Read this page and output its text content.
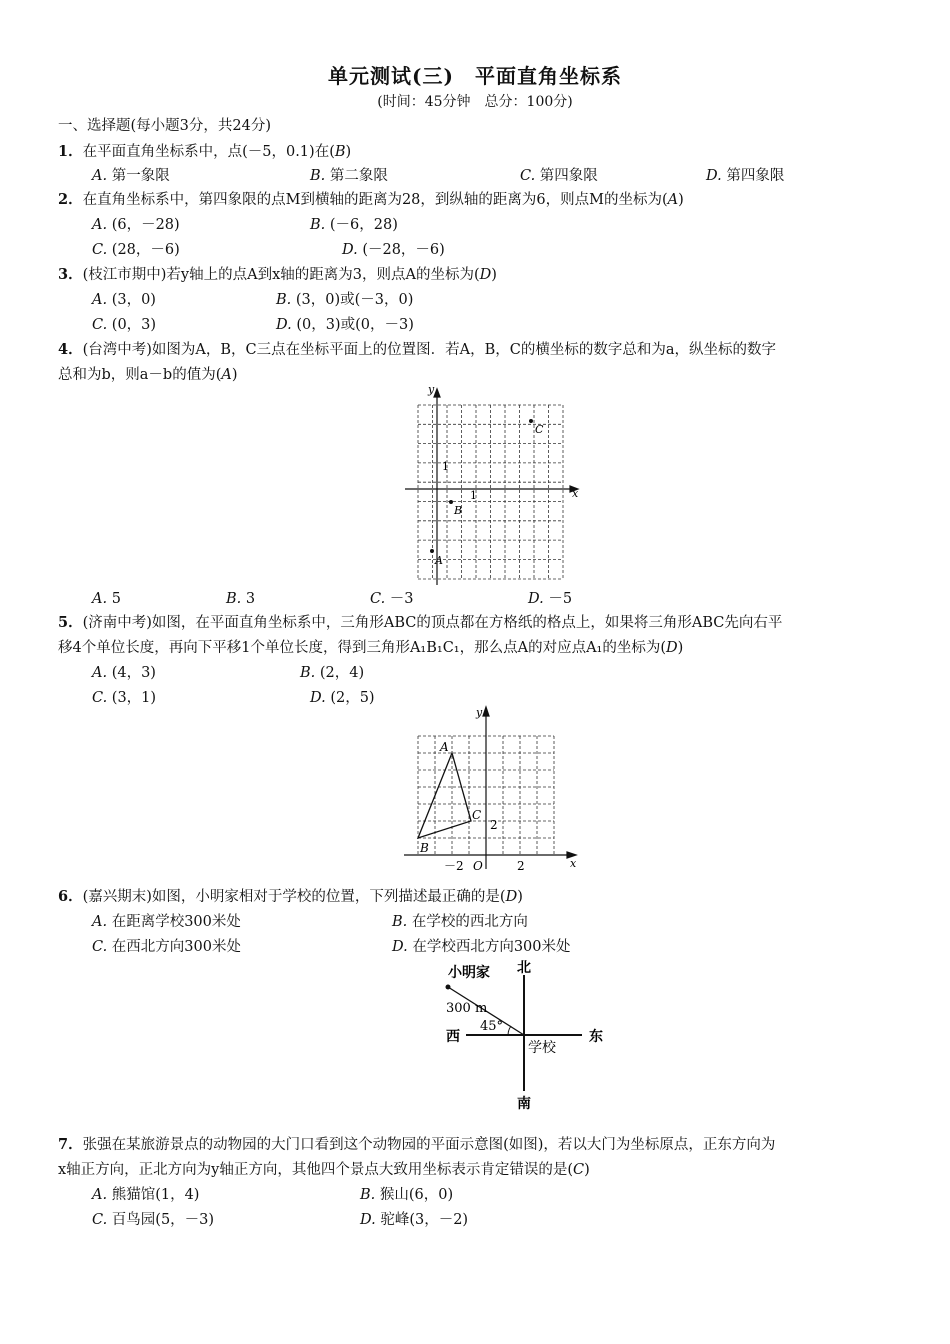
单元测试(三)　平面直角坐标系
(时间：45分钟　总分：100分)
一、选择题(每小题3分，共24分)
1．在平面直角坐标系中，点(－5，0.1)在(B)
A. 第一象限	B. 第二象限	C. 第四象限	D. 第四象限
2．在直角坐标系中，第四象限的点M到横轴的距离为28，到纵轴的距离为6，则点M的坐标为(A)
A. (6，－28)	B. (－6，28)
C. (28，－6)	D. (－28，－6)
3．(枝江市期中)若y轴上的点A到x轴的距离为3，则点A的坐标为(D)
A. (3，0)	B. (3，0)或(－3，0)
C. (0，3)	D. (0，3)或(0，－3)
4．(台湾中考)如图为A，B，C三点在坐标平面上的位置图．若A，B，C的横坐标的数字总和为a，纵坐标的数字
总和为b，则a－b的值为(A)
x
y
1
1
C
B
A
A. 5	B. 3	C. －3	D. －5
5．(济南中考)如图，在平面直角坐标系中，三角形ABC的顶点都在方格纸的格点上，如果将三角形ABC先向右平
移4个单位长度，再向下平移1个单位长度，得到三角形A₁B₁C₁，那么点A的对应点A₁的坐标为(D)
A. (4，3)	B. (2，4)
C. (3，1)	D. (2，5)
x
y
A
B
C
2
－2 O	2
6．(嘉兴期末)如图，小明家相对于学校的位置，下列描述最正确的是(D)
A. 在距离学校300米处	B. 在学校的西北方向
C. 在西北方向300米处	D. 在学校西北方向300米处
北
南
东
西
小明家
300 m
45°
学校
7．张强在某旅游景点的动物园的大门口看到这个动物园的平面示意图(如图)，若以大门为坐标原点，正东方向为
x轴正方向，正北方向为y轴正方向，其他四个景点大致用坐标表示肯定错误的是(C)
A. 熊猫馆(1，4)	B. 猴山(6，0)
C. 百鸟园(5，－3)	D. 驼峰(3，－2)
